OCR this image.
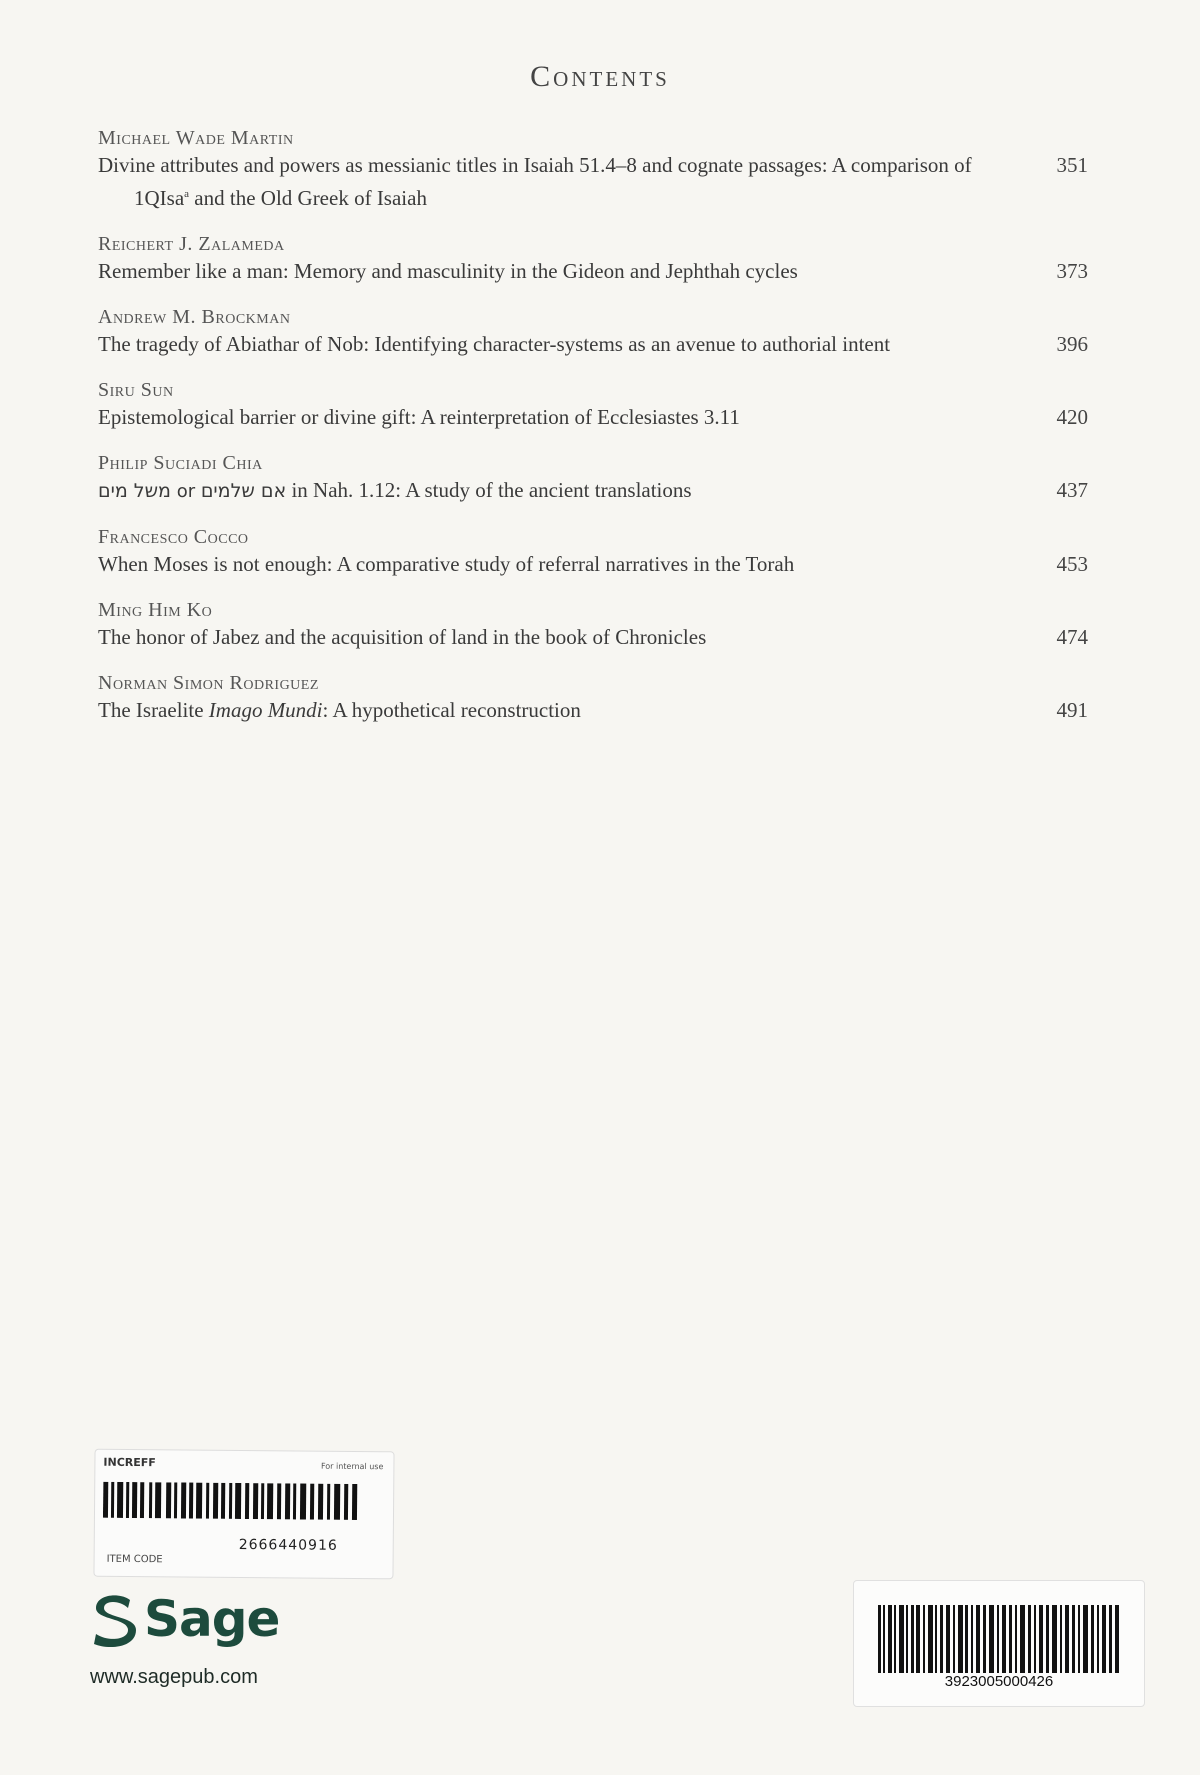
Contents
Michael Wade Martin
Divine attributes and powers as messianic titles in Isaiah 51.4–8 and cognate passages: A comparison of 1QIsa$^a$ and the Old Greek of Isaiah
351
Reichert J. Zalameda
Remember like a man: Memory and masculinity in the Gideon and Jephthah cycles	373
Andrew M. Brockman
The tragedy of Abiathar of Nob: Identifying character-systems as an avenue to authorial intent	396
Siru Sun
Epistemological barrier or divine gift: A reinterpretation of Ecclesiastes 3.11	420
Philip Suciadi Chia
משל מים or אם שלמים in Nah. 1.12: A study of the ancient translations	437
Francesco Cocco
When Moses is not enough: A comparative study of referral narratives in the Torah	453
Ming Him Ko
The honor of Jabez and the acquisition of land in the book of Chronicles	474
Norman Simon Rodriguez
The Israelite Imago Mundi: A hypothetical reconstruction	491
INCREFF	For internal use
2666440916
ITEM CODE
Sage
www.sagepub.com	3923005000426
